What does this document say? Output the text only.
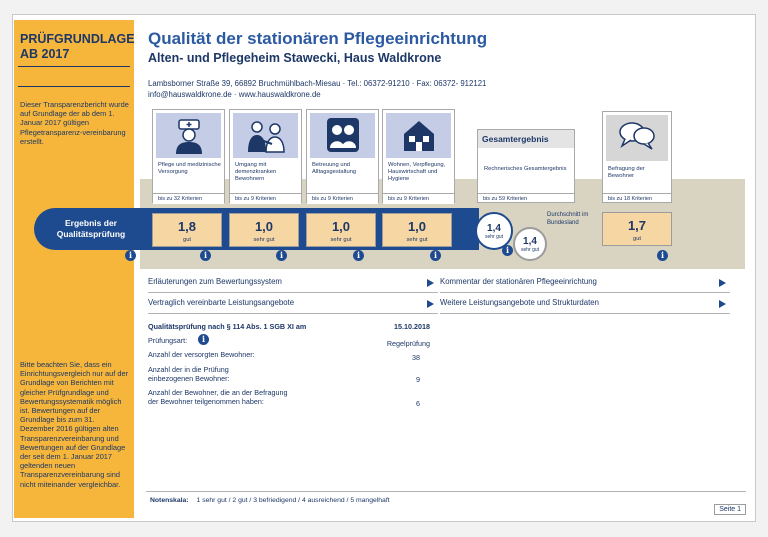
PRÜFGRUNDLAGE
AB 2017
Dieser Transparenzbericht wurde auf Grundlage der ab dem 1. Januar 2017 gültigen Pflegetransparenz-vereinbarung erstellt.
Bitte beachten Sie, dass ein Einrichtungsvergleich nur auf der Grundlage von Berichten mit gleicher Prüfgrundlage und Bewertungssystematik möglich ist. Bewertungen auf der Grundlage bis zum 31. Dezember 2016 gültigen alten Transparenzvereinbarung und Bewertungen auf der Grundlage der seit dem 1. Januar 2017 geltenden neuen Transparenzvereinbarung sind nicht miteinander vergleichbar.
Qualität der stationären Pflegeeinrichtung
Alten- und Pflegeheim Stawecki, Haus Waldkrone
Lambsborner Straße 39, 66892 Bruchmühlbach-Miesau · Tel.: 06372-91210 · Fax: 06372- 912121
info@hauswaldkrone.de · www.hauswaldkrone.de
Pflege und medizinische Versorgung
bis zu 32 Kriterien
Umgang mit demenzkranken Bewohnern
bis zu 9 Kriterien
Betreuung und Alltagsgestaltung
bis zu 9 Kriterien
Wohnen, Verpflegung, Hauswirtschaft und Hygiene
bis zu 9 Kriterien
Gesamtergebnis
Rechnerisches Gesamtergebnis
bis zu 59 Kriterien
Befragung der Bewohner
bis zu 18 Kriterien
Ergebnis der Qualitätsprüfung	1,8
gut
1,0
sehr gut
1,0
sehr gut
1,0
sehr gut
1,4
sehr gut	1,4
sehr gut
Durchschnitt im Bundesland	1,7
gut
i	i	i	i	i	i	i
Erläuterungen zum Bewertungssystem	Kommentar der stationären Pflegeeinrichtung
Vertraglich vereinbarte Leistungsangebote	Weitere Leistungsangebote und Strukturdaten
Qualitätsprüfung nach § 114 Abs. 1 SGB XI am	15.10.2018
Prüfungsart:	i	Regelprüfung
Anzahl der versorgten Bewohner:	38
Anzahl der in die Prüfung
einbezogenen Bewohner:	9
Anzahl der Bewohner, die an der Befragung
der Bewohner teilgenommen haben:	6
Notenskala: 1 sehr gut / 2 gut / 3 befriedigend / 4 ausreichend / 5 mangelhaft
Seite 1
